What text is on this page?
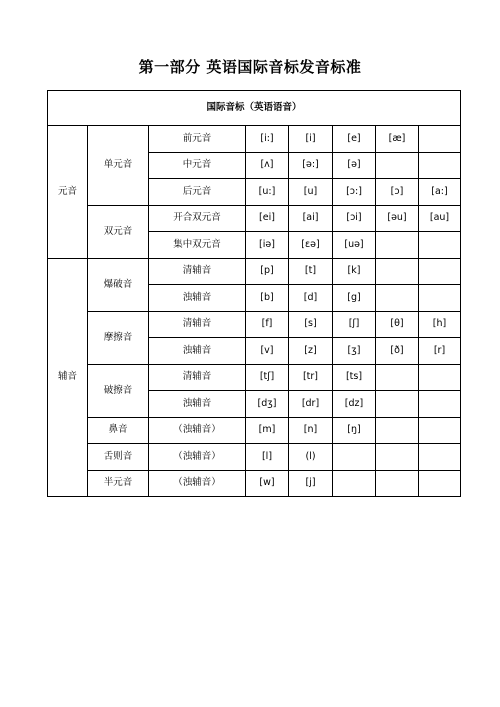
第一部分 英语国际音标发音标准
国际音标（英语语音）							
元音	单元音	前元音	[i:]	[i]	[e]	[æ]	
		中元音	[ʌ]	[ə:]	[ə]		
		后元音	[u:]	[u]	[ɔ:]	[ɔ]	[a:]
	双元音	开合双元音	[ei]	[ai]	[ɔi]	[əu]	[au]
		集中双元音	[iə]	[ɛə]	[uə]		
辅音	爆破音	清辅音	[p]	[t]	[k]		
		浊辅音	[b]	[d]	[g]		
	摩擦音	清辅音	[f]	[s]	[ʃ]	[θ]	[h]
		浊辅音	[v]	[z]	[ʒ]	[ð]	[r]
	破擦音	清辅音	[tʃ]	[tr]	[ts]		
		浊辅音	[dʒ]	[dr]	[dz]		
	鼻音	（浊辅音）	[m]	[n]	[ŋ]		
	舌则音	（浊辅音）	[l]	(l)			
	半元音	（浊辅音）	[w]	[j]			
